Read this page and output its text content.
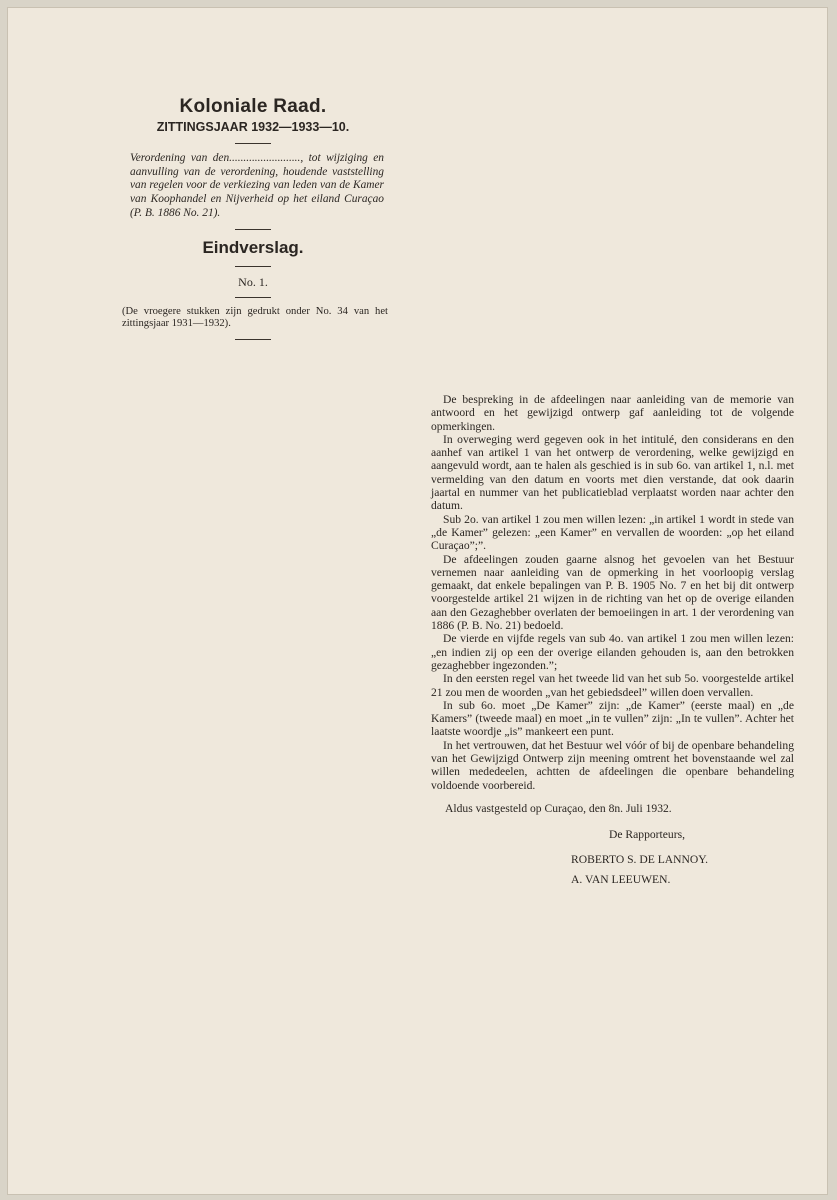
Koloniale Raad.
ZITTINGSJAAR 1932—1933—10.

Verordening van den........................., tot wijziging en aanvulling van de verordening, houdende vaststelling van regelen voor de verkiezing van leden van de Kamer van Koophandel en Nijverheid op het eiland Curaçao (P. B. 1886 No. 21).

Eindverslag.

No. 1.

(De vroegere stukken zijn gedrukt onder No. 34 van het zittingsjaar 1931—1932).

De bespreking in de afdeelingen naar aanleiding van de memorie van antwoord en het gewijzigd ontwerp gaf aanleiding tot de volgende opmerkingen.

In overweging werd gegeven ook in het intitulé, den considerans en den aanhef van artikel 1 van het ontwerp de verordening, welke gewijzigd en aangevuld wordt, aan te halen als geschied is in sub 6o. van artikel 1, n.l. met vermelding van den datum en voorts met dien verstande, dat ook daarin jaartal en nummer van het publicatieblad verplaatst worden naar achter den datum.

Sub 2o. van artikel 1 zou men willen lezen: „in artikel 1 wordt in stede van „de Kamer” gelezen: „een Kamer” en vervallen de woorden: „op het eiland Curaçao”;”.

De afdeelingen zouden gaarne alsnog het gevoelen van het Bestuur vernemen naar aanleiding van de opmerking in het voorloopig verslag gemaakt, dat enkele bepalingen van P. B. 1905 No. 7 en het bij dit ontwerp voorgestelde artikel 21 wijzen in de richting van het op de overige eilanden aan den Gezaghebber overlaten der bemoeiingen in art. 1 der verordening van 1886 (P. B. No. 21) bedoeld.

De vierde en vijfde regels van sub 4o. van artikel 1 zou men willen lezen: „en indien zij op een der overige eilanden gehouden is, aan den betrokken gezaghebber ingezonden.”;

In den eersten regel van het tweede lid van het sub 5o. voorgestelde artikel 21 zou men de woorden „van het gebiedsdeel” willen doen vervallen.

In sub 6o. moet „De Kamer” zijn: „de Kamer” (eerste maal) en „de Kamers” (tweede maal) en moet „in te vullen” zijn: „In te vullen”. Achter het laatste woordje „is” mankeert een punt.

In het vertrouwen, dat het Bestuur wel vóór of bij de openbare behandeling van het Gewijzigd Ontwerp zijn meening omtrent het bovenstaande wel zal willen mededeelen, achtten de afdeelingen die openbare behandeling voldoende voorbereid.

Aldus vastgesteld op Curaçao, den 8n. Juli 1932.
De Rapporteurs,
ROBERTO S. DE LANNOY.
A. VAN LEEUWEN.
